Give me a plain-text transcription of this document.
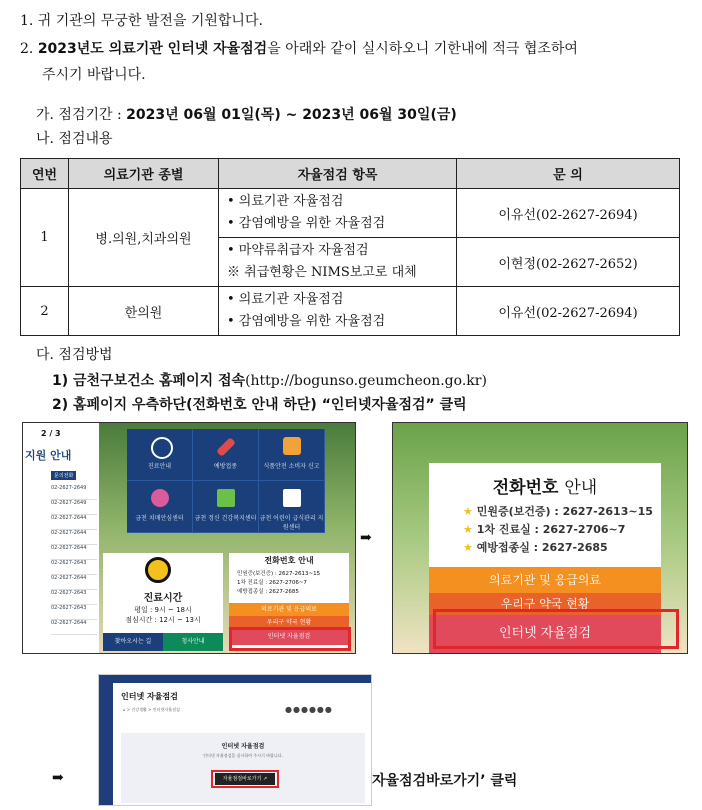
1. 귀 기관의 무궁한 발전을 기원합니다.
2. 2023년도 의료기관 인터넷 자율점검을 아래와 같이 실시하오니 기한내에 적극 협조하여
주시기 바랍니다.
가. 점검기간 : 2023년 06월 01일(목) ~ 2023년 06월 30일(금)
나. 점검내용
연번	의료기관 종별	자율점검 항목	문 의
1	병.의원,치과의원	• 의료기관 자율점검
• 감염예방을 위한 자율점검	이유선(02-2627-2694)

		• 마약류취급자 자율점검
※ 취급현황은 NIMS보고로 대체	이현정(02-2627-2652)
2	한의원	• 의료기관 자율점검
• 감염예방을 위한 자율점검	이유선(02-2627-2694)
다. 점검방법
1) 금천구보건소 홈페이지 접속(http://bogunso.geumcheon.go.kr)
2) 홈페이지 우측하단(전화번호 안내 하단) “인터넷자율점검” 클릭
2 / 3
지원 안내
문의전화
02-2627-2649
02-2627-2649
02-2627-2644
02-2627-2644
02-2627-2644
02-2627-2643
02-2627-2644
02-2627-2643
02-2627-2643
02-2627-2644
진료안내	예방접종	식품안전 소비자 신고
금천 치매안심센터	금천 정신 건강복지센터 금천 어린이 급식관리 지원센터
진료시간
평일 : 9시 ~ 18시
점심시간 : 12시 ~ 13시
찾아오시는 길	청사안내
전화번호 안내
민원증(보건증) : 2627-2613~15
1차 진료실 : 2627-2706~7
예방접종실 : 2627-2685
의료기관 및 응급의료
우리구 약국 현황
인터넷 자율점검
➡
전화번호 안내
★ 민원증(보건증) : 2627-2613~15
★ 1차 진료실 : 2627-2706~7
★ 예방접종실 : 2627-2685
의료기관 및 응급의료
우리구 약국 현황
인터넷 자율점검
➡
인터넷 자율점검
⌂ > 건강생활 > 인터넷자율점검	●●●●●●
인터넷 자율점검
인터넷 자율점검을 실시하여 주시기 바랍니다.
자율점검바로가기 ↗	자율점검바로가기’ 클릭
